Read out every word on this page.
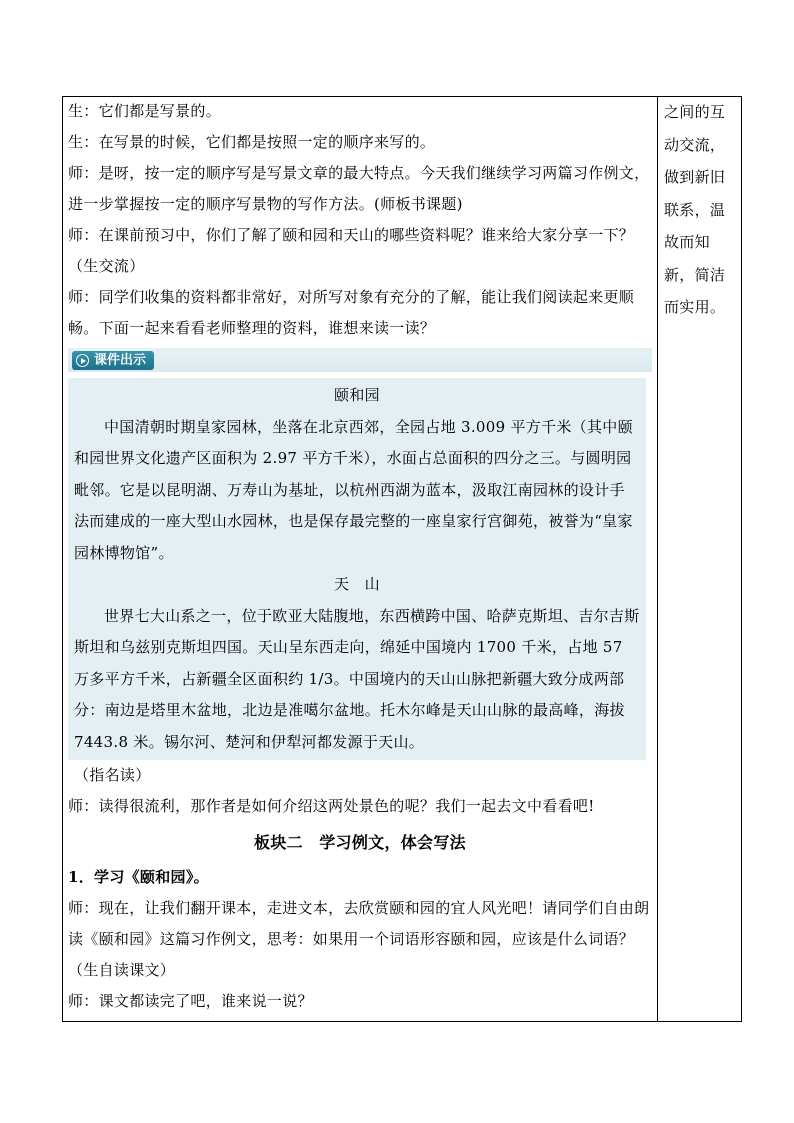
生：它们都是写景的。

生：在写景的时候，它们都是按照一定的顺序来写的。

师：是呀，按一定的顺序写是写景文章的最大特点。今天我们继续学习两篇习作例文，进一步掌握按一定的顺序写景物的写作方法。(师板书课题)

师：在课前预习中，你们了解了颐和园和天山的哪些资料呢？谁来给大家分享一下？（生交流）

师：同学们收集的资料都非常好，对所写对象有充分的了解，能让我们阅读起来更顺畅。下面一起来看看老师整理的资料，谁想来读一读？

课件出示

颐和园

中国清朝时期皇家园林，坐落在北京西郊，全园占地 3.009 平方千米（其中颐和园世界文化遗产区面积为 2.97 平方千米），水面占总面积的四分之三。与圆明园毗邻。它是以昆明湖、万寿山为基址，以杭州西湖为蓝本，汲取江南园林的设计手法而建成的一座大型山水园林，也是保存最完整的一座皇家行宫御苑，被誉为“皇家园林博物馆”。

天　山

世界七大山系之一，位于欧亚大陆腹地，东西横跨中国、哈萨克斯坦、吉尔吉斯斯坦和乌兹别克斯坦四国。天山呈东西走向，绵延中国境内 1700 千米，占地 57 万多平方千米，占新疆全区面积约 1/3。中国境内的天山山脉把新疆大致分成两部分：南边是塔里木盆地，北边是准噶尔盆地。托木尔峰是天山山脉的最高峰，海拔 7443.8 米。锡尔河、楚河和伊犁河都发源于天山。

（指名读）

师：读得很流利，那作者是如何介绍这两处景色的呢？我们一起去文中看看吧!

板块二　学习例文，体会写法

1．学习《颐和园》。

师：现在，让我们翻开课本，走进文本，去欣赏颐和园的宜人风光吧！请同学们自由朗读《颐和园》这篇习作例文，思考：如果用一个词语形容颐和园，应该是什么词语？（生自读课文）

师：课文都读完了吧，谁来说一说？

之间的互

动交流，

做到新旧

联系，温

故而知

新，简洁

而实用。
